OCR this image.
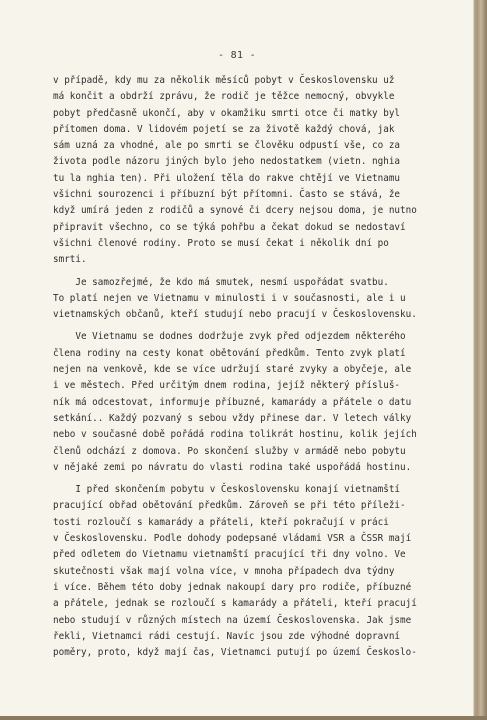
- 81 -
v případě, kdy mu za několik měsíců pobyt v Československu už
má končit a obdrží zprávu, že rodič je těžce nemocný, obvykle
pobyt předčasně ukončí, aby v okamžiku smrti otce či matky byl
přítomen doma. V lidovém pojetí se za životě každý chová, jak
sám uzná za vhodné, ale po smrti se člověku odpustí vše, co za
života podle názoru jiných bylo jeho nedostatkem (vietn. nghia
tu la nghia ten). Při uložení těla do rakve chtějí ve Vietnamu
všichni sourozenci i příbuzní být přítomni. Často se stává, že
když umírá jeden z rodičů a synové či dcery nejsou doma, je nutno
připravit všechno, co se týká pohřbu a čekat dokud se nedostaví
všichni členové rodiny. Proto se musí čekat i několik dní po
smrti.
Je samozřejmé, že kdo má smutek, nesmí uspořádat svatbu.
To platí nejen ve Vietnamu v minulosti i v současnosti, ale i u
vietnamských občanů, kteří studují nebo pracují v Československu.
Ve Vietnamu se dodnes dodržuje zvyk před odjezdem některého
člena rodiny na cesty konat obětování předkům. Tento zvyk platí
nejen na venkově, kde se více udržují staré zvyky a obyčeje, ale
i ve městech. Před určitým dnem rodina, jejíž některý přísluš-
ník má odcestovat, informuje příbuzné, kamarády a přátele o datu
setkání.. Každý pozvaný s sebou vždy přinese dar. V letech války
nebo v současné době pořádá rodina tolikrát hostinu, kolik jejích
členů odchází z domova. Po skončení služby v armádě nebo pobytu
v nějaké zemi po návratu do vlasti rodina také uspořádá hostinu.
I před skončením pobytu v Československu konají vietnamští
pracující obřad obětování předkům. Zároveň se při této příleži-
tosti rozloučí s kamarády a přáteli, kteří pokračují v práci
v Československu. Podle dohody podepsané vládami VSR a ČSSR mají
před odletem do Vietnamu vietnamští pracující tři dny volno. Ve
skutečnosti však mají volna více, v mnoha případech dva týdny
i více. Během této doby jednak nakoupí dary pro rodiče, příbuzné
a přátele, jednak se rozloučí s kamarády a přáteli, kteří pracují
nebo studují v různých místech na území Československa. Jak jsme
řekli, Vietnamci rádi cestují. Navíc jsou zde výhodné dopravní
poměry, proto, když mají čas, Vietnamci putují po území Českoslo-
